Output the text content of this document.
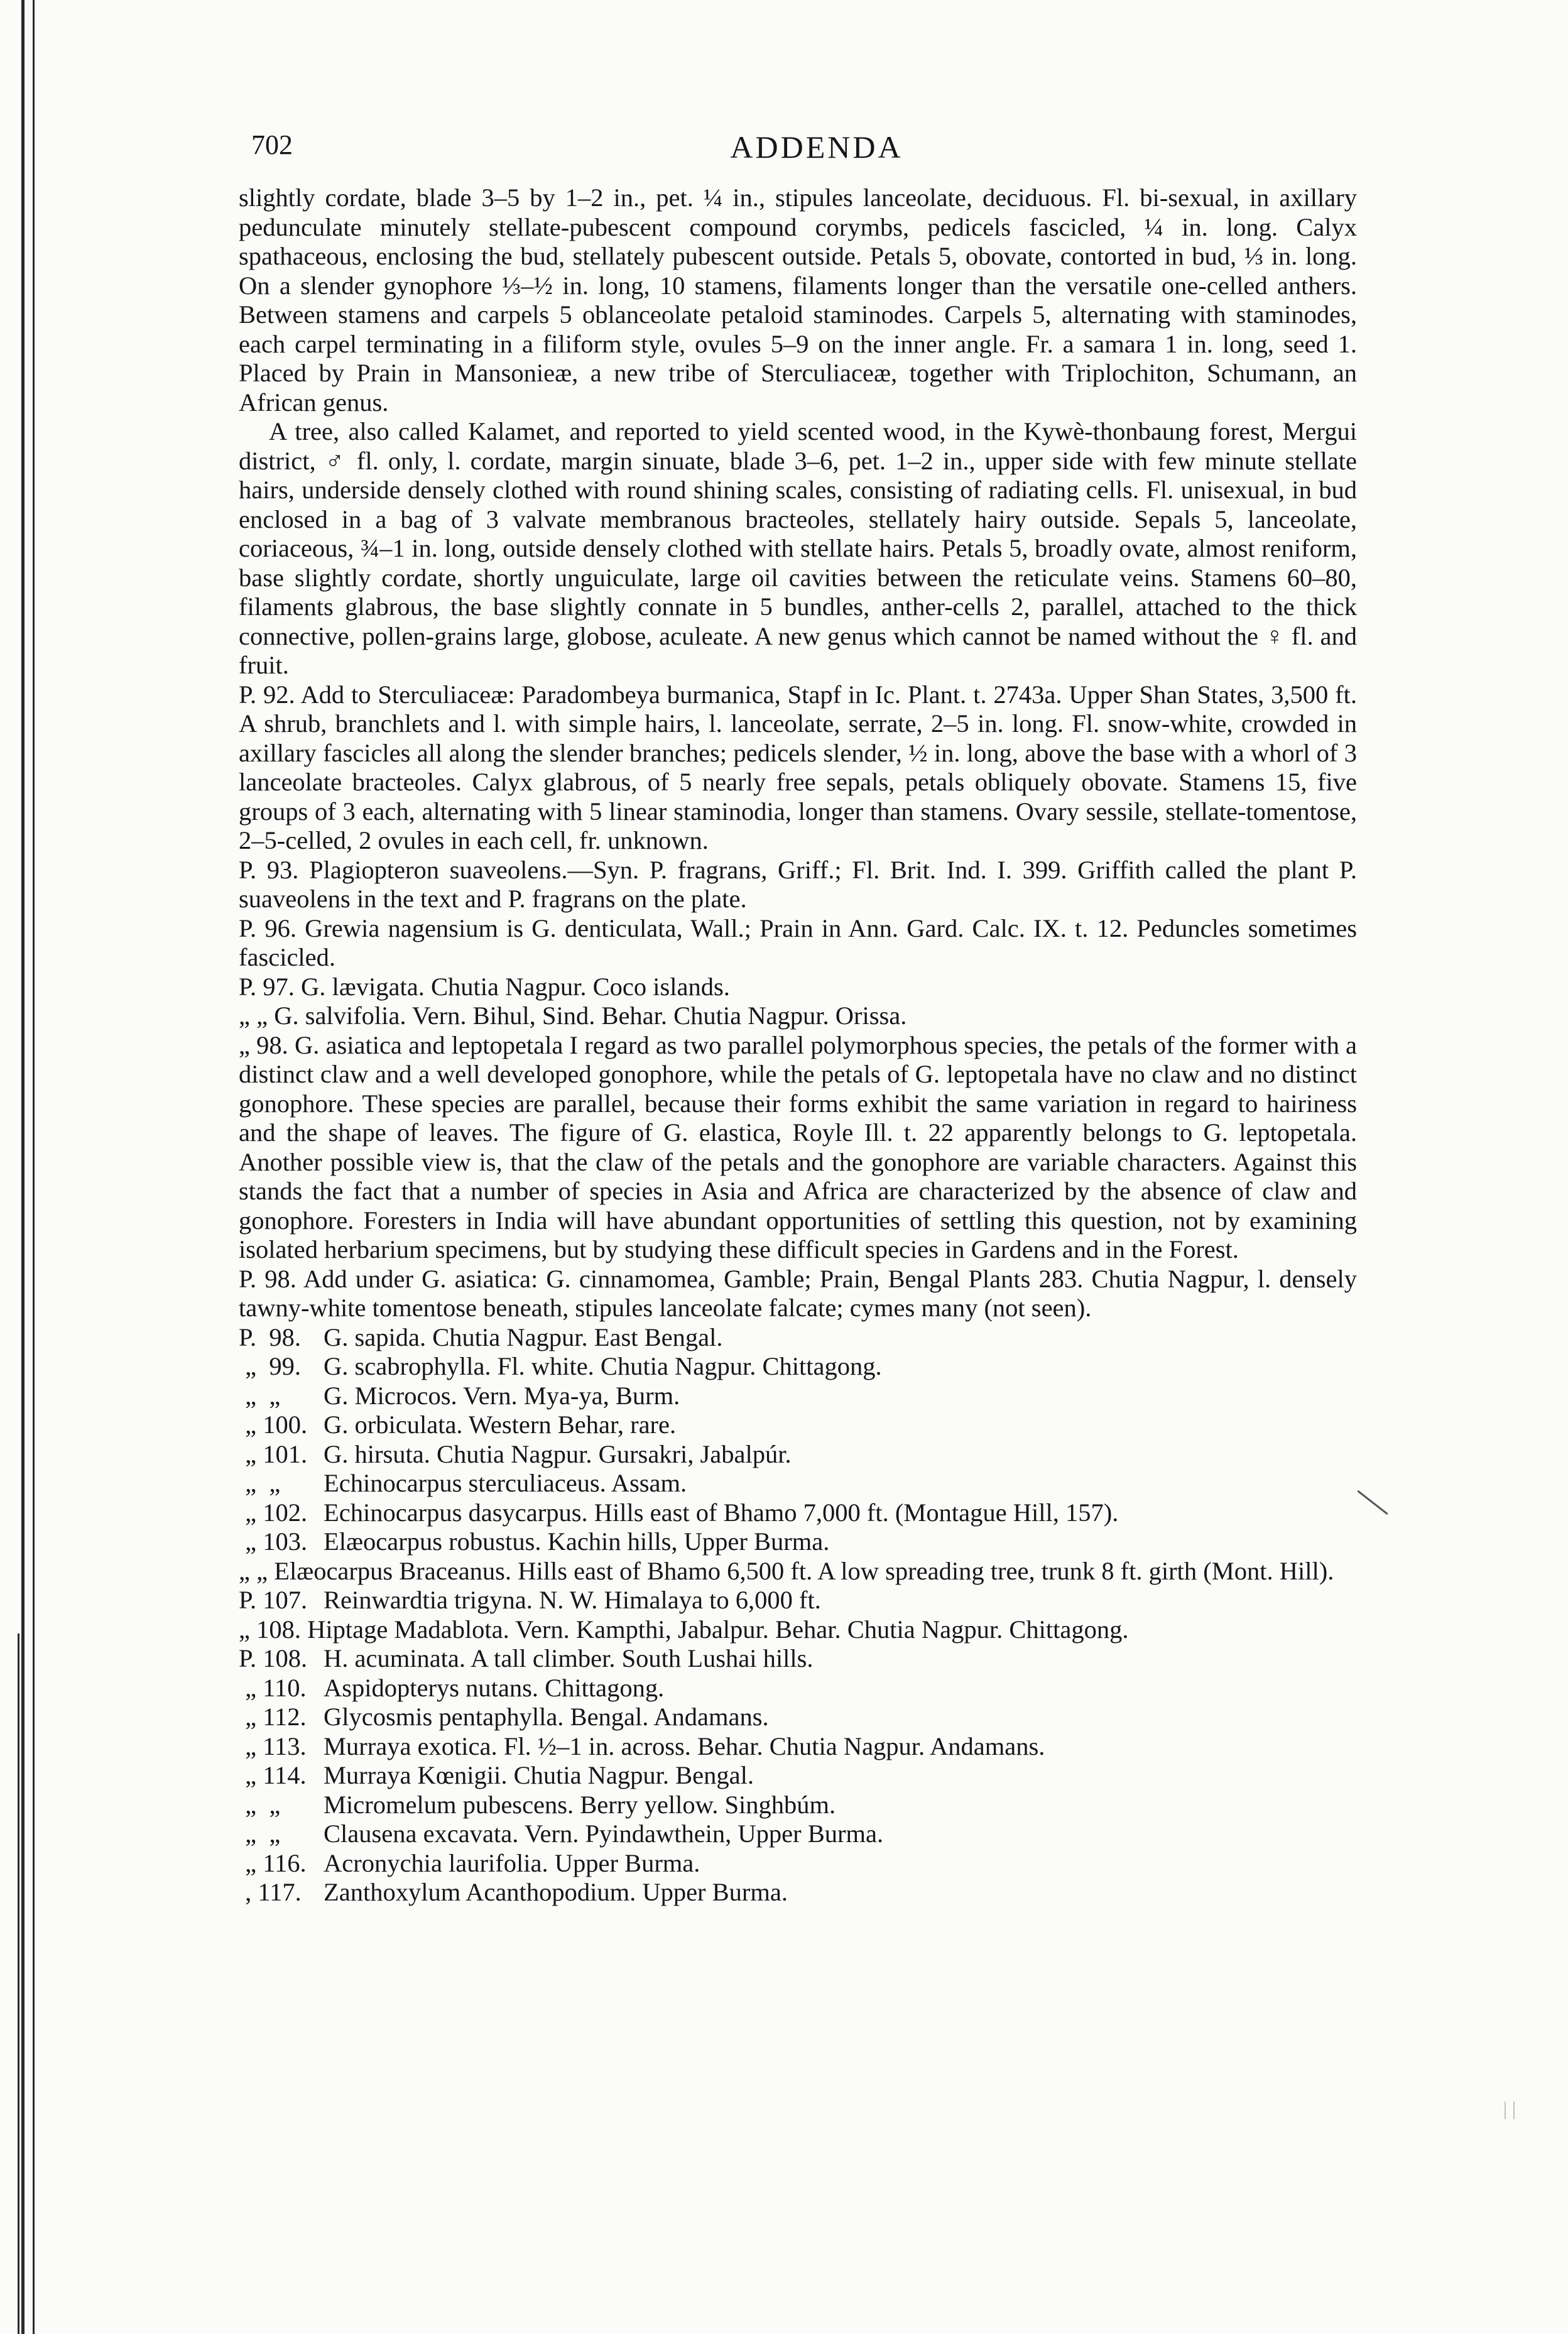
702	ADDENDA

slightly cordate, blade 3–5 by 1–2 in., pet. ¼ in., stipules lanceolate, deciduous. Fl. bi-sexual, in axillary pedunculate minutely stellate-pubescent compound corymbs, pedicels fascicled, ¼ in. long. Calyx spathaceous, enclosing the bud, stellately pubescent outside. Petals 5, obovate, contorted in bud, ⅓ in. long. On a slender gynophore ⅓–½ in. long, 10 stamens, filaments longer than the versatile one-celled anthers. Between stamens and carpels 5 oblanceolate petaloid staminodes. Carpels 5, alternating with staminodes, each carpel terminating in a filiform style, ovules 5–9 on the inner angle. Fr. a samara 1 in. long, seed 1. Placed by Prain in Mansonieæ, a new tribe of Sterculiaceæ, together with Triplochiton, Schumann, an African genus.

A tree, also called Kalamet, and reported to yield scented wood, in the Kywè-thonbaung forest, Mergui district, ♂ fl. only, l. cordate, margin sinuate, blade 3–6, pet. 1–2 in., upper side with few minute stellate hairs, underside densely clothed with round shining scales, consisting of radiating cells. Fl. unisexual, in bud enclosed in a bag of 3 valvate membranous bracteoles, stellately hairy outside. Sepals 5, lanceolate, coriaceous, ¾–1 in. long, outside densely clothed with stellate hairs. Petals 5, broadly ovate, almost reniform, base slightly cordate, shortly unguiculate, large oil cavities between the reticulate veins. Stamens 60–80, filaments glabrous, the base slightly connate in 5 bundles, anther-cells 2, parallel, attached to the thick connective, pollen-grains large, globose, aculeate. A new genus which cannot be named without the ♀ fl. and fruit.

P. 92. Add to Sterculiaceæ: Paradombeya burmanica, Stapf in Ic. Plant. t. 2743a. Upper Shan States, 3,500 ft. A shrub, branchlets and l. with simple hairs, l. lanceolate, serrate, 2–5 in. long. Fl. snow-white, crowded in axillary fascicles all along the slender branches; pedicels slender, ½ in. long, above the base with a whorl of 3 lanceolate bracteoles. Calyx glabrous, of 5 nearly free sepals, petals obliquely obovate. Stamens 15, five groups of 3 each, alternating with 5 linear staminodia, longer than stamens. Ovary sessile, stellate-tomentose, 2–5-celled, 2 ovules in each cell, fr. unknown.

P. 93. Plagiopteron suaveolens.—Syn. P. fragrans, Griff.; Fl. Brit. Ind. I. 399. Griffith called the plant P. suaveolens in the text and P. fragrans on the plate.

P. 96. Grewia nagensium is G. denticulata, Wall.; Prain in Ann. Gard. Calc. IX. t. 12. Peduncles sometimes fascicled.

P. 97. G. lævigata. Chutia Nagpur. Coco islands.

„ „ G. salvifolia. Vern. Bihul, Sind. Behar. Chutia Nagpur. Orissa.

„ 98. G. asiatica and leptopetala I regard as two parallel polymorphous species, the petals of the former with a distinct claw and a well developed gonophore, while the petals of G. leptopetala have no claw and no distinct gonophore. These species are parallel, because their forms exhibit the same variation in regard to hairiness and the shape of leaves. The figure of G. elastica, Royle Ill. t. 22 apparently belongs to G. leptopetala. Another possible view is, that the claw of the petals and the gonophore are variable characters. Against this stands the fact that a number of species in Asia and Africa are characterized by the absence of claw and gonophore. Foresters in India will have abundant opportunities of settling this question, not by examining isolated herbarium specimens, but by studying these difficult species in Gardens and in the Forest.

P. 98. Add under G. asiatica: G. cinnamomea, Gamble; Prain, Bengal Plants 283. Chutia Nagpur, l. densely tawny-white tomentose beneath, stipules lanceolate falcate; cymes many (not seen).

P.  98. G. sapida. Chutia Nagpur. East Bengal.
„  99. G. scabrophylla. Fl. white. Chutia Nagpur. Chittagong.
„  „	G. Microcos. Vern. Mya-ya, Burm.
„ 100. G. orbiculata. Western Behar, rare.
„ 101. G. hirsuta. Chutia Nagpur. Gursakri, Jabalpúr.
„  „	Echinocarpus sterculiaceus. Assam.
„ 102. Echinocarpus dasycarpus. Hills east of Bhamo 7,000 ft. (Montague Hill, 157).
„ 103. Elæocarpus robustus. Kachin hills, Upper Burma.

„ „ Elæocarpus Braceanus. Hills east of Bhamo 6,500 ft. A low spreading tree, trunk 8 ft. girth (Mont. Hill).

P. 107. Reinwardtia trigyna. N. W. Himalaya to 6,000 ft.

„ 108. Hiptage Madablota. Vern. Kampthi, Jabalpur. Behar. Chutia Nagpur. Chittagong.

P. 108. H. acuminata. A tall climber. South Lushai hills.
„ 110. Aspidopterys nutans. Chittagong.
„ 112. Glycosmis pentaphylla. Bengal. Andamans.
„ 113. Murraya exotica. Fl. ½–1 in. across. Behar. Chutia Nagpur. Andamans.
„ 114. Murraya Kœnigii. Chutia Nagpur. Bengal.
„  „	Micromelum pubescens. Berry yellow. Singhbúm.
„  „	Clausena excavata. Vern. Pyindawthein, Upper Burma.
„ 116. Acronychia laurifolia. Upper Burma.
, 117. Zanthoxylum Acanthopodium. Upper Burma.
